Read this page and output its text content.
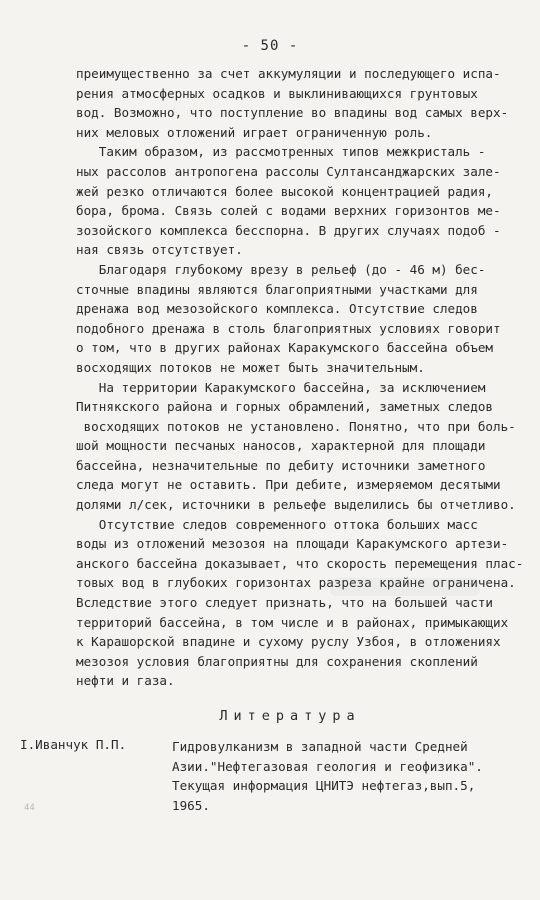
- 50 -
преимущественно за счет аккумуляции и последующего испа-
рения атмосферных осадков и выклинивающихся грунтовых
вод. Возможно, что поступление во впадины вод самых верх-
них меловых отложений играет ограниченную роль.
Таким образом, из рассмотренных типов межкристаль -
ных рассолов антропогена рассолы Султансанджарских зале-
жей резко отличаются более высокой концентрацией радия,
бора, брома. Связь солей с водами верхних горизонтов ме-
зозойского комплекса бесспорна. В других случаях подоб -
ная связь отсутствует.
Благодаря глубокому врезу в рельеф (до - 46 м) бес-
сточные впадины являются благоприятными участками для
дренажа вод мезозойского комплекса. Отсутствие следов
подобного дренажа в столь благоприятных условиях говорит
о том, что в других районах Каракумского бассейна объем
восходящих потоков не может быть значительным.
На территории Каракумского бассейна, за исключением
Питнякского района и горных обрамлений, заметных следов
восходящих потоков не установлено. Понятно, что при боль-
шой мощности песчаных наносов, характерной для площади
бассейна, незначительные по дебиту источники заметного
следа могут не оставить. При дебите, измеряемом десятыми
долями л/сек, источники в рельефе выделились бы отчетливо.
Отсутствие следов современного оттока больших масс
воды из отложений мезозоя на площади Каракумского артези-
анского бассейна доказывает, что скорость перемещения плас-
товых вод в глубоких горизонтах разреза крайне ограничена.
Вследствие этого следует признать, что на большей части
территорий бассейна, в том числе и в районах, примыкающих
к Карашорской впадине и сухому руслу Узбоя, в отложениях
мезозоя условия благоприятны для сохранения скоплений
нефти и газа.
Литература
I.Иванчук П.П.	Гидровулканизм в западной части Средней
Азии."Нефтегазовая геология и геофизика".
Текущая информация ЦНИТЭ нефтегаз,вып.5,
1965.
44
